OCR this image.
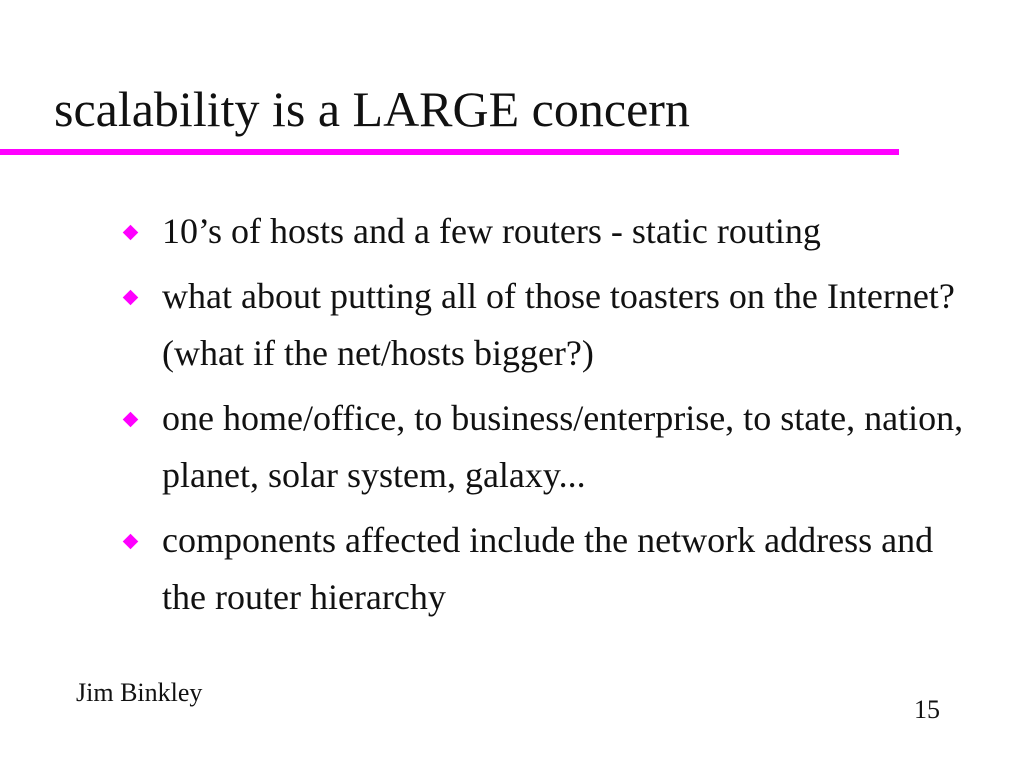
scalability is a LARGE concern
10’s of hosts and a few routers - static routing
what about putting all of those toasters on the Internet? (what if the net/hosts bigger?)
one home/office, to business/enterprise, to state, nation, planet, solar system, galaxy...
components affected include the network address and the router hierarchy
Jim Binkley
15
